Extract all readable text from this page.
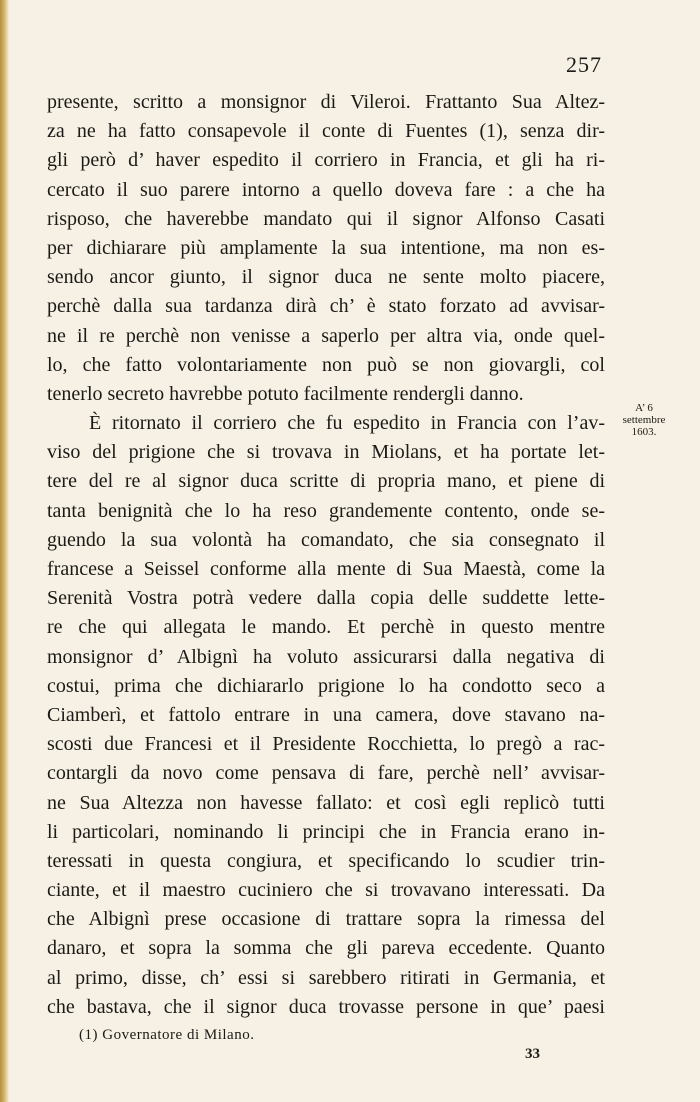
257
presente, scritto a monsignor di Vileroi. Frattanto Sua Altez-
za ne ha fatto consapevole il conte di Fuentes (1), senza dir-
gli però d’ haver espedito il corriero in Francia, et gli ha ri-
cercato il suo parere intorno a quello doveva fare : a che ha
risposo, che haverebbe mandato qui il signor Alfonso Casati
per dichiarare più amplamente la sua intentione, ma non es-
sendo ancor giunto, il signor duca ne sente molto piacere,
perchè dalla sua tardanza dirà ch’ è stato forzato ad avvisar-
ne il re perchè non venisse a saperlo per altra via, onde quel-
lo, che fatto volontariamente non può se non giovargli, col
tenerlo secreto havrebbe potuto facilmente rendergli danno.
È ritornato il corriero che fu espedito in Francia con l’av-
viso del prigione che si trovava in Miolans, et ha portate let-
tere del re al signor duca scritte di propria mano, et piene di
tanta benignità che lo ha reso grandemente contento, onde se-
guendo la sua volontà ha comandato, che sia consegnato il
francese a Seissel conforme alla mente di Sua Maestà, come la
Serenità Vostra potrà vedere dalla copia delle suddette lette-
re che qui allegata le mando. Et perchè in questo mentre
monsignor d’ Albignì ha voluto assicurarsi dalla negativa di
costui, prima che dichiararlo prigione lo ha condotto seco a
Ciamberì, et fattolo entrare in una camera, dove stavano na-
scosti due Francesi et il Presidente Rocchietta, lo pregò a rac-
contargli da novo come pensava di fare, perchè nell’ avvisar-
ne Sua Altezza non havesse fallato: et così egli replicò tutti
li particolari, nominando li principi che in Francia erano in-
teressati in questa congiura, et specificando lo scudier trin-
ciante, et il maestro cuciniero che si trovavano interessati. Da
che Albignì prese occasione di trattare sopra la rimessa del
danaro, et sopra la somma che gli pareva eccedente. Quanto
al primo, disse, ch’ essi si sarebbero ritirati in Germania, et
che bastava, che il signor duca trovasse persone in que’ paesi
A’ 6
settembre
1603.
(1) Governatore di Milano.
33
